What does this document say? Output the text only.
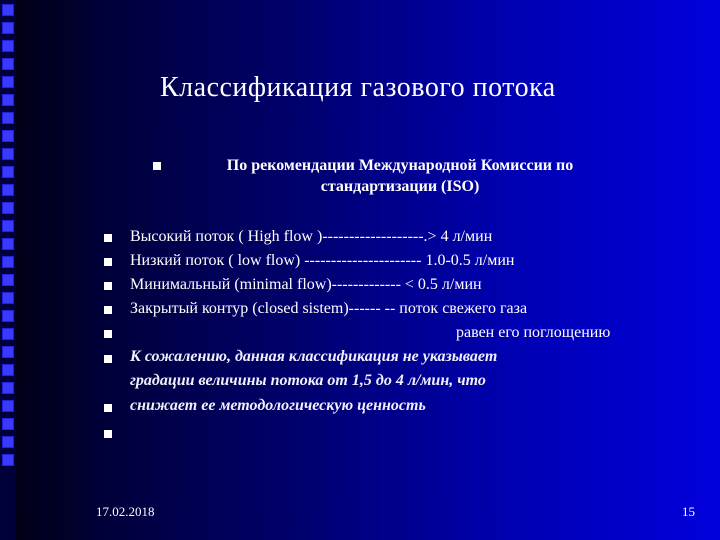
Классификация газового потока
По рекомендации Международной Комиссии по стандартизации (ISO)
Высокий поток ( High flow )-------------------.> 4 л/мин
Низкий поток ( low flow) ---------------------- 1.0-0.5 л/мин
Минимальный (minimal flow)------------- < 0.5 л/мин
Закрытый контур (closed sistem)------ -- поток свежего газа
равен его поглощению
К сожалению, данная классификация не указывает
градации величины потока от 1,5 до 4 л/мин, что
снижает ее методологическую ценность
17.02.2018	15
